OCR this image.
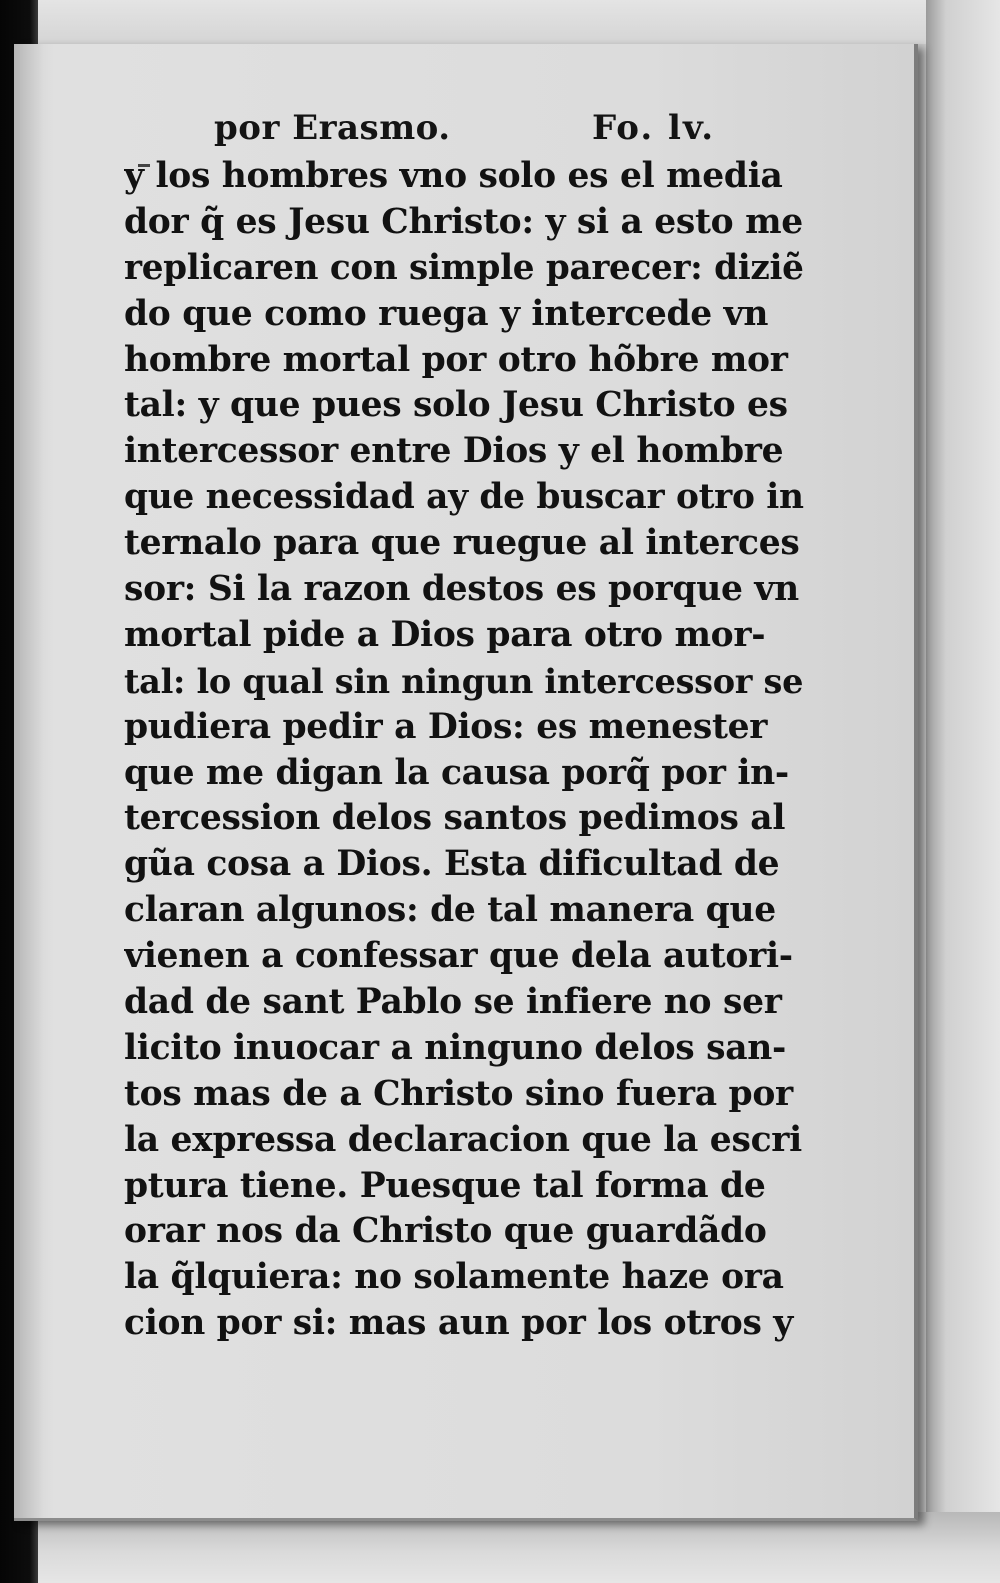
por Erasmo.	Fo. lv.
y los hombres vno solo es el media
dor q̃ es Jesu Christo: y si a esto me
replicaren con simple parecer: diziẽ
do que como ruega y intercede vn
hombre mortal por otro hõbre mor
tal: y que pues solo Jesu Christo es
intercessor entre Dios y el hombre
que necessidad ay de buscar otro in
ternalo para que ruegue al interces
sor: Si la razon destos es porque vn
mortal pide a Dios para otro mor-
tal: lo qual sin ningun intercessor se
pudiera pedir a Dios: es menester
que me digan la causa porq̃ por in-
tercession delos santos pedimos al
gũa cosa a Dios. Esta dificultad de
claran algunos: de tal manera que
vienen a confessar que dela autori-
dad de sant Pablo se infiere no ser
licito inuocar a ninguno delos san-
tos mas de a Christo sino fuera por
la expressa declaracion que la escri
ptura tiene. Puesque tal forma de
orar nos da Christo que guardãdo
la q̃lquiera: no solamente haze ora
cion por si: mas aun por los otros y
